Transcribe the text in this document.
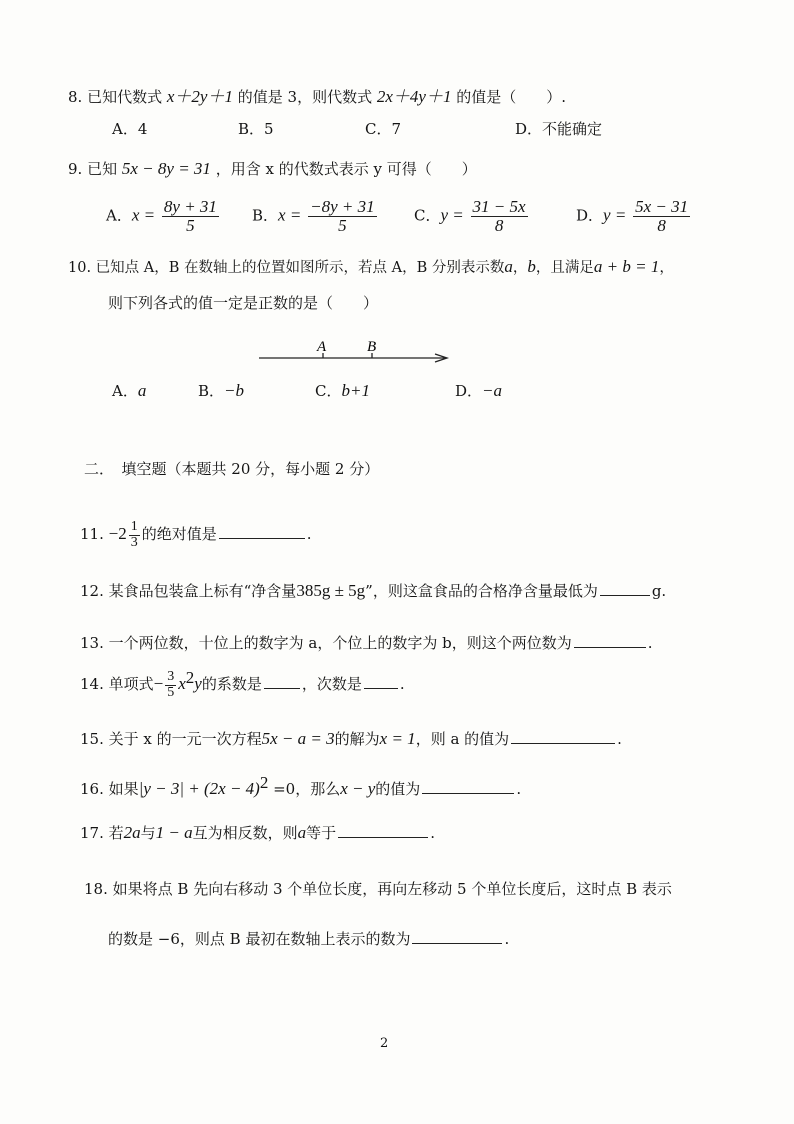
8. 已知代数式 x＋2y＋1 的值是 3，则代数式 2x＋4y＋1 的值是（　　）.
A．4	B．5	C．7	D．不能确定
9. 已知 5x − 8y = 31 ，用含 x 的代数式表示 y 可得（　　）
A．$x = \frac{8y + 31}{5}$ B．$x = \frac{-8y + 31}{5}$ C．$y = \frac{31 - 5x}{8}$	D．$y = \frac{5x - 31}{8}$
10. 已知点 A，B 在数轴上的位置如图所示，若点 A，B 分别表示数a，b，且满足a + b = 1，
则下列各式的值一定是正数的是（　　）
A	B
A．a	B．−b	C．b+1	D．−a
二．　填空题（本题共 20 分，每小题 2 分）
11. $-2 \frac{1}{3}$ 的绝对值是	.
12. 某食品包装盒上标有“净含量385g ± 5g”，则这盒食品的合格净含量最低为	g.
13. 一个两位数，十位上的数字为 a，个位上的数字为 b，则这个两位数为	.
14. 单项式− $\frac{3}{5} x^2y$的系数是	，次数是	.
15. 关于 x 的一元一次方程5x − a = 3的解为x = 1，则 a 的值为	.
16. 如果$|y - 3| + (2x - 4)^2 =0$，那么x − y的值为	.
17. 若2a与1 − a互为相反数，则a等于	.
18. 如果将点 B 先向右移动 3 个单位长度，再向左移动 5 个单位长度后，这时点 B 表示
的数是 −6，则点 B 最初在数轴上表示的数为	.
2
